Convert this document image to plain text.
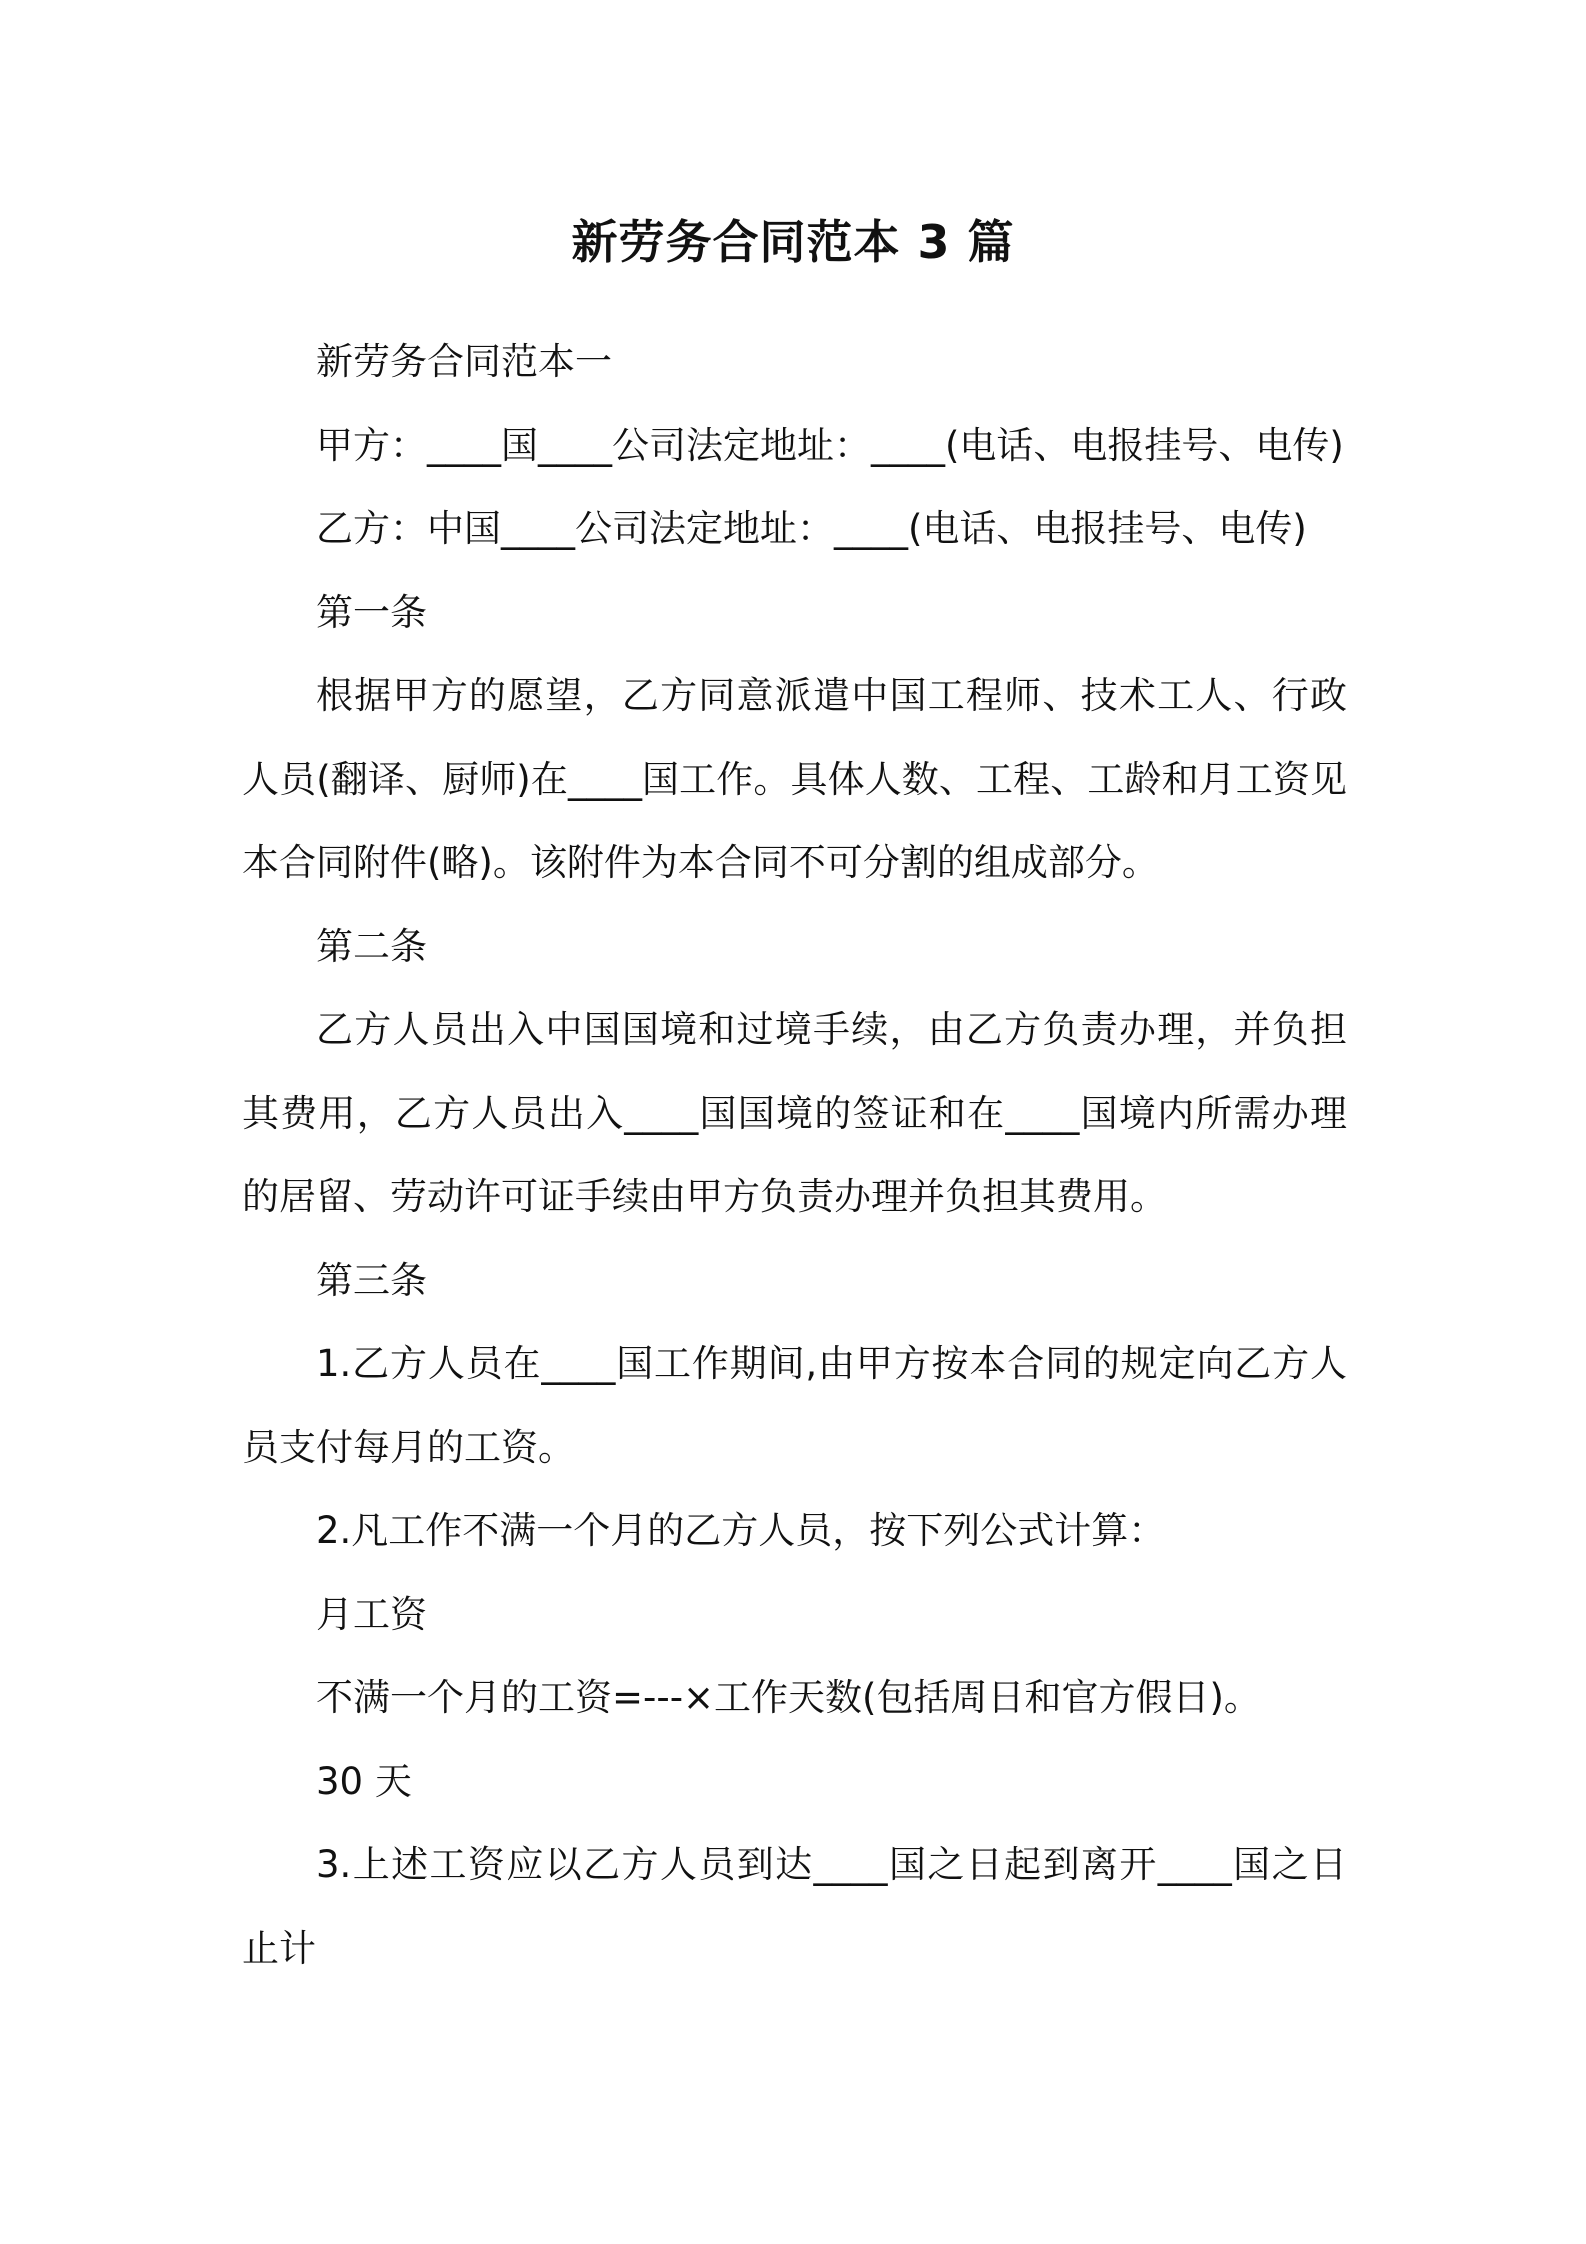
新劳务合同范本 3 篇

新劳务合同范本一

甲方：____国____公司法定地址：____(电话、电报挂号、电传)

乙方：中国____公司法定地址：____(电话、电报挂号、电传)

第一条

根据甲方的愿望，乙方同意派遣中国工程师、技术工人、行政人员(翻译、厨师)在____国工作。具体人数、工程、工龄和月工资见本合同附件(略)。该附件为本合同不可分割的组成部分。

第二条

乙方人员出入中国国境和过境手续，由乙方负责办理，并负担其费用，乙方人员出入____国国境的签证和在____国境内所需办理的居留、劳动许可证手续由甲方负责办理并负担其费用。

第三条

1.乙方人员在____国工作期间,由甲方按本合同的规定向乙方人员支付每月的工资。

2.凡工作不满一个月的乙方人员，按下列公式计算：

月工资

不满一个月的工资=---×工作天数(包括周日和官方假日)。

30 天

3.上述工资应以乙方人员到达____国之日起到离开____国之日止计
